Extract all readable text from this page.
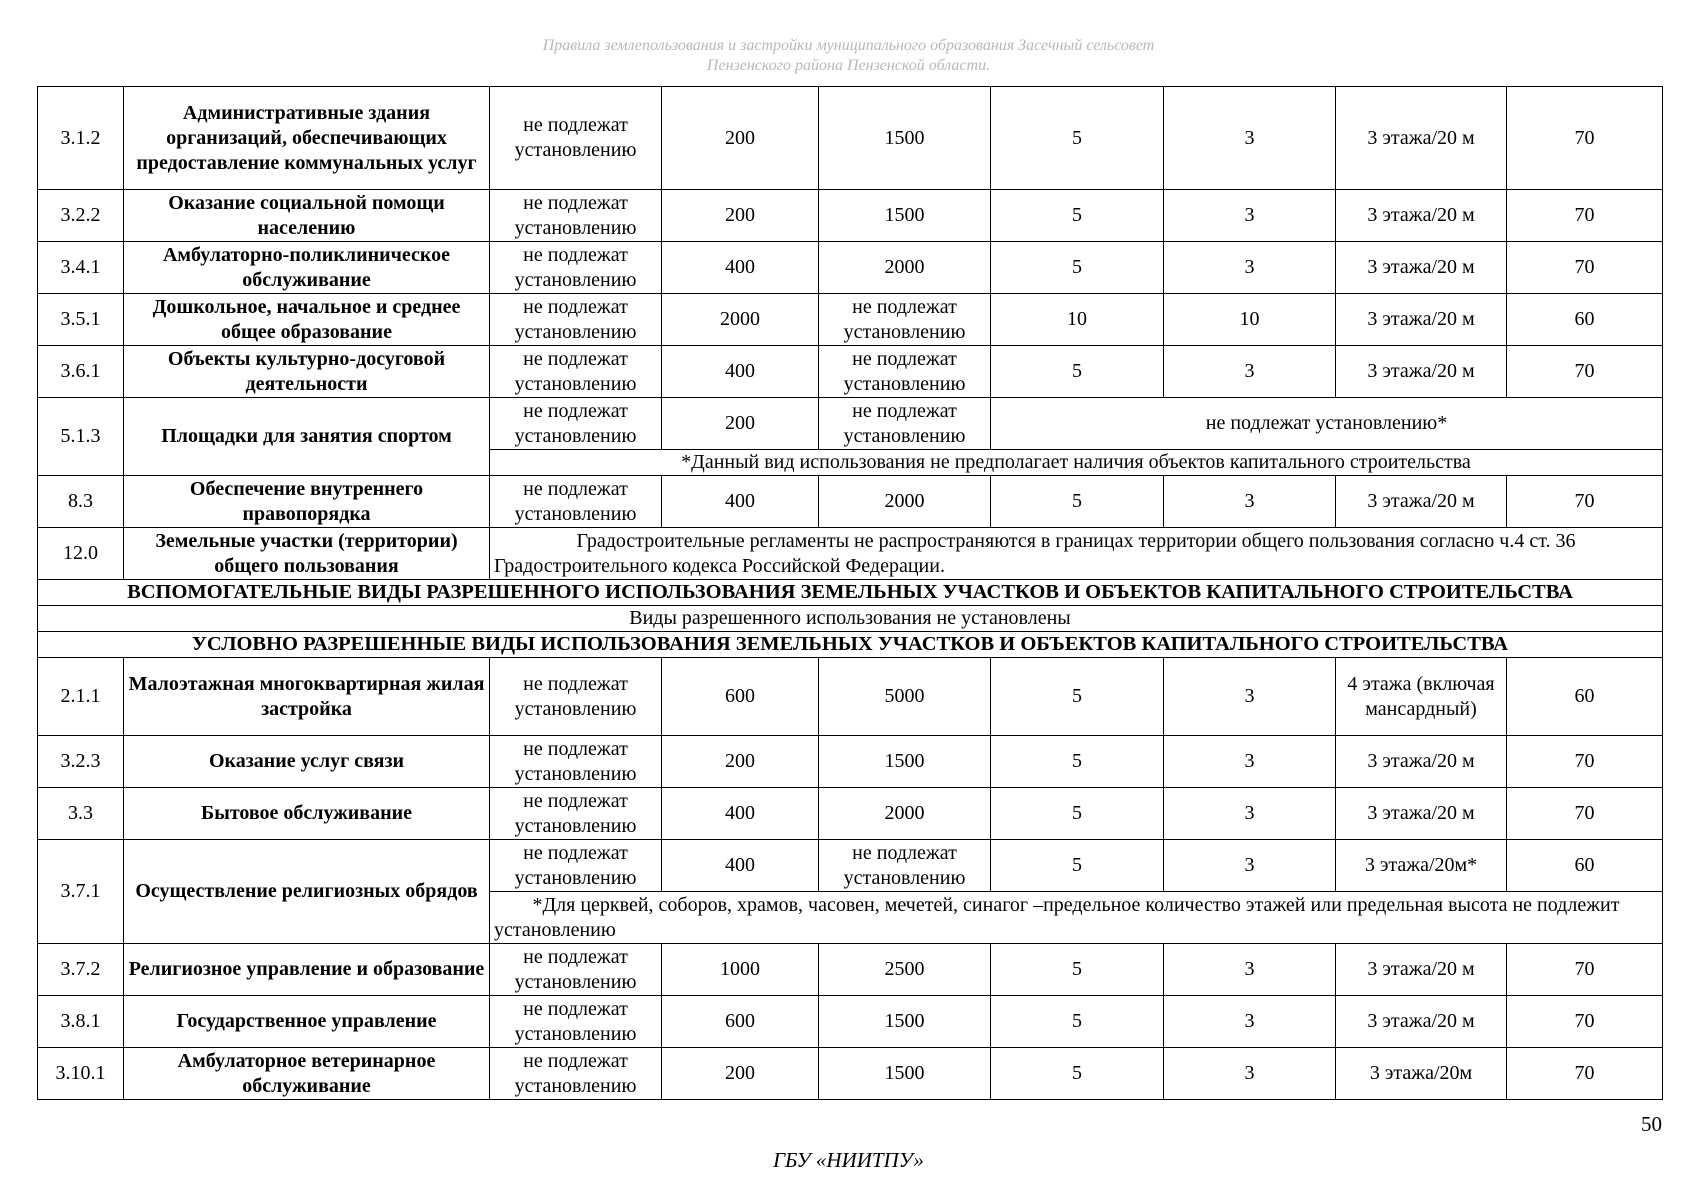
Правила землепользования и застройки муниципального образования Засечный сельсовет
Пензенского района Пензенской области.
3.1.2	Административные здания организаций, обеспечивающих предоставление коммунальных услуг	не подлежат установлению	200	1500	5	3	3 этажа/20 м	70
3.2.2	Оказание социальной помощи населению	не подлежат установлению	200	1500	5	3	3 этажа/20 м	70
3.4.1	Амбулаторно-поликлиническое обслуживание	не подлежат установлению	400	2000	5	3	3 этажа/20 м	70
3.5.1	Дошкольное, начальное и среднее общее образование	не подлежат установлению	2000	не подлежат установлению	10	10	3 этажа/20 м	60
3.6.1	Объекты культурно-досуговой деятельности	не подлежат установлению	400	не подлежат установлению	5	3	3 этажа/20 м	70
5.1.3	Площадки для занятия спортом	не подлежат установлению	200	не подлежат установлению	не подлежат установлению*			
		*Данный вид использования не предполагает наличия объектов капитального строительства						
8.3	Обеспечение внутреннего правопорядка	не подлежат установлению	400	2000	5	3	3 этажа/20 м	70
12.0	Земельные участки (территории) общего пользования	Градостроительные регламенты не распространяются в границах территории общего пользования согласно ч.4 ст. 36 Градостроительного кодекса Российской Федерации.						
ВСПОМОГАТЕЛЬНЫЕ ВИДЫ РАЗРЕШЕННОГО ИСПОЛЬЗОВАНИЯ ЗЕМЕЛЬНЫХ УЧАСТКОВ И ОБЪЕКТОВ КАПИТАЛЬНОГО СТРОИТЕЛЬСТВА								
Виды разрешенного использования не установлены								
УСЛОВНО РАЗРЕШЕННЫЕ ВИДЫ ИСПОЛЬЗОВАНИЯ ЗЕМЕЛЬНЫХ УЧАСТКОВ И ОБЪЕКТОВ КАПИТАЛЬНОГО СТРОИТЕЛЬСТВА								
2.1.1	Малоэтажная многоквартирная жилая застройка	не подлежат установлению	600	5000	5	3	4 этажа (включая мансардный)	60
3.2.3	Оказание услуг связи	не подлежат установлению	200	1500	5	3	3 этажа/20 м	70
3.3	Бытовое обслуживание	не подлежат установлению	400	2000	5	3	3 этажа/20 м	70
3.7.1	Осуществление религиозных обрядов	не подлежат установлению	400	не подлежат установлению	5	3	3 этажа/20м*	60
		*Для церквей, соборов, храмов, часовен, мечетей, синагог –предельное количество этажей или предельная высота не подлежит установлению						
3.7.2	Религиозное управление и образование	не подлежат установлению	1000	2500	5	3	3 этажа/20 м	70
3.8.1	Государственное управление	не подлежат установлению	600	1500	5	3	3 этажа/20 м	70
3.10.1	Амбулаторное ветеринарное обслуживание	не подлежат установлению	200	1500	5	3	3 этажа/20м	70
50
ГБУ «НИИТПУ»
